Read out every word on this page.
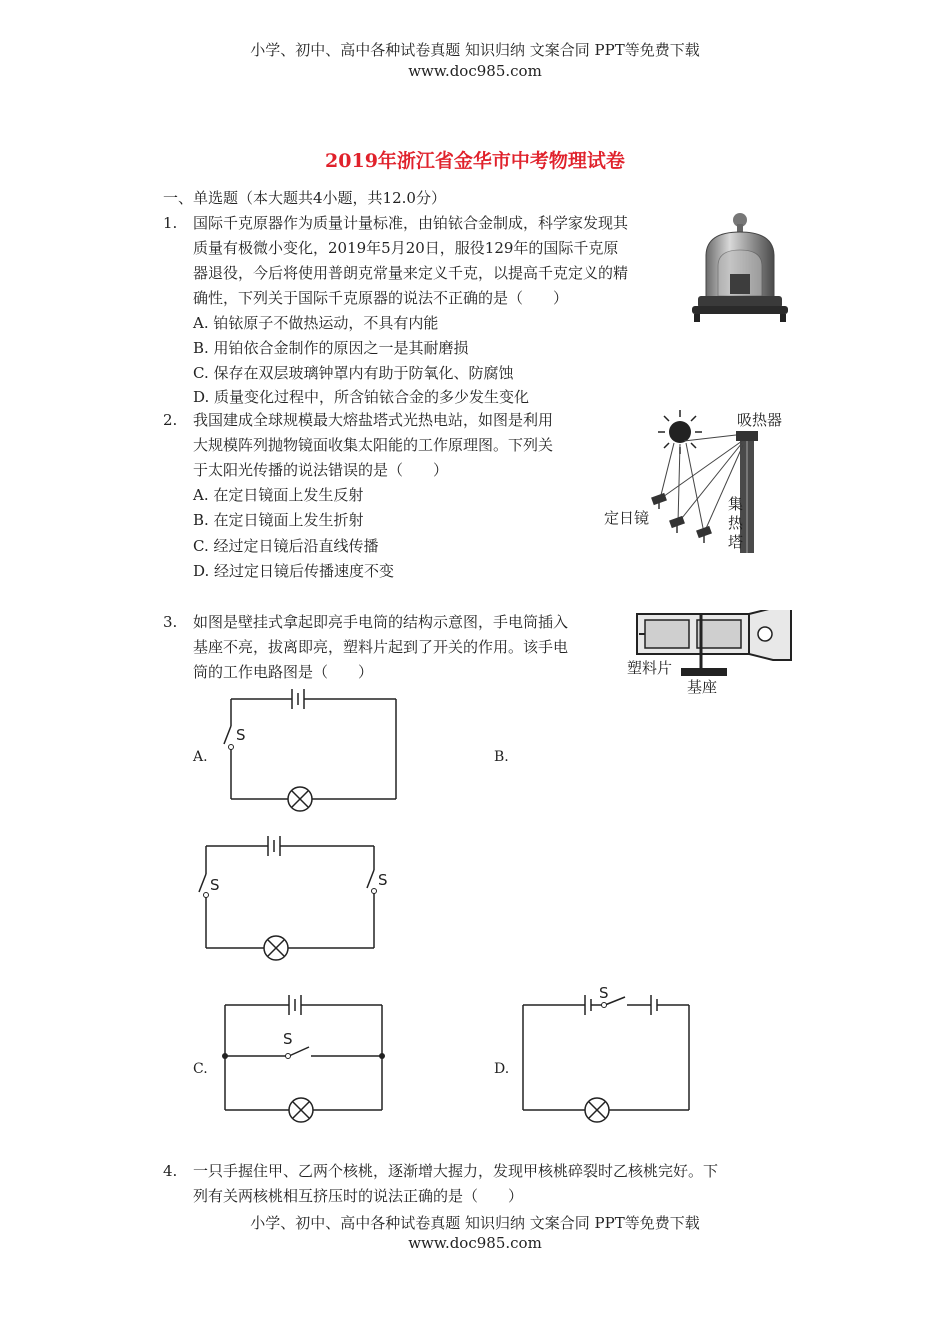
小学、初中、高中各种试卷真题 知识归纳 文案合同 PPT等免费下载
www.doc985.com
2019年浙江省金华市中考物理试卷
一、单选题（本大题共4小题，共12.0分）
1. 国际千克原器作为质量计量标准，由铂铱合金制成，科学家发现其
质量有极微小变化，2019年5月20日，服役129年的国际千克原
器退役，今后将使用普朗克常量来定义千克，以提高千克定义的精
确性，下列关于国际千克原器的说法不正确的是（　　）
A. 铂铱原子不做热运动，不具有内能
B. 用铂依合金制作的原因之一是其耐磨损
C. 保存在双层玻璃钟罩内有助于防氧化、防腐蚀
D. 质量变化过程中，所含铂铱合金的多少发生变化
2. 我国建成全球规模最大熔盐塔式光热电站，如图是利用
大规模阵列抛物镜面收集太阳能的工作原理图。下列关
于太阳光传播的说法错误的是（　　）
A. 在定日镜面上发生反射
B. 在定日镜面上发生折射
C. 经过定日镜后沿直线传播
D. 经过定日镜后传播速度不变
吸热器
定日镜
集
热
塔
3. 如图是壁挂式拿起即亮手电筒的结构示意图，手电筒插入
基座不亮，拔离即亮，塑料片起到了开关的作用。该手电
筒的工作电路图是（　　）	塑料片
基座
A.	B.
C.	D.
S
S	S
S
S
4. 一只手握住甲、乙两个核桃，逐渐增大握力，发现甲核桃碎裂时乙核桃完好。下
列有关两核桃相互挤压时的说法正确的是（　　）
小学、初中、高中各种试卷真题 知识归纳 文案合同 PPT等免费下载
www.doc985.com
